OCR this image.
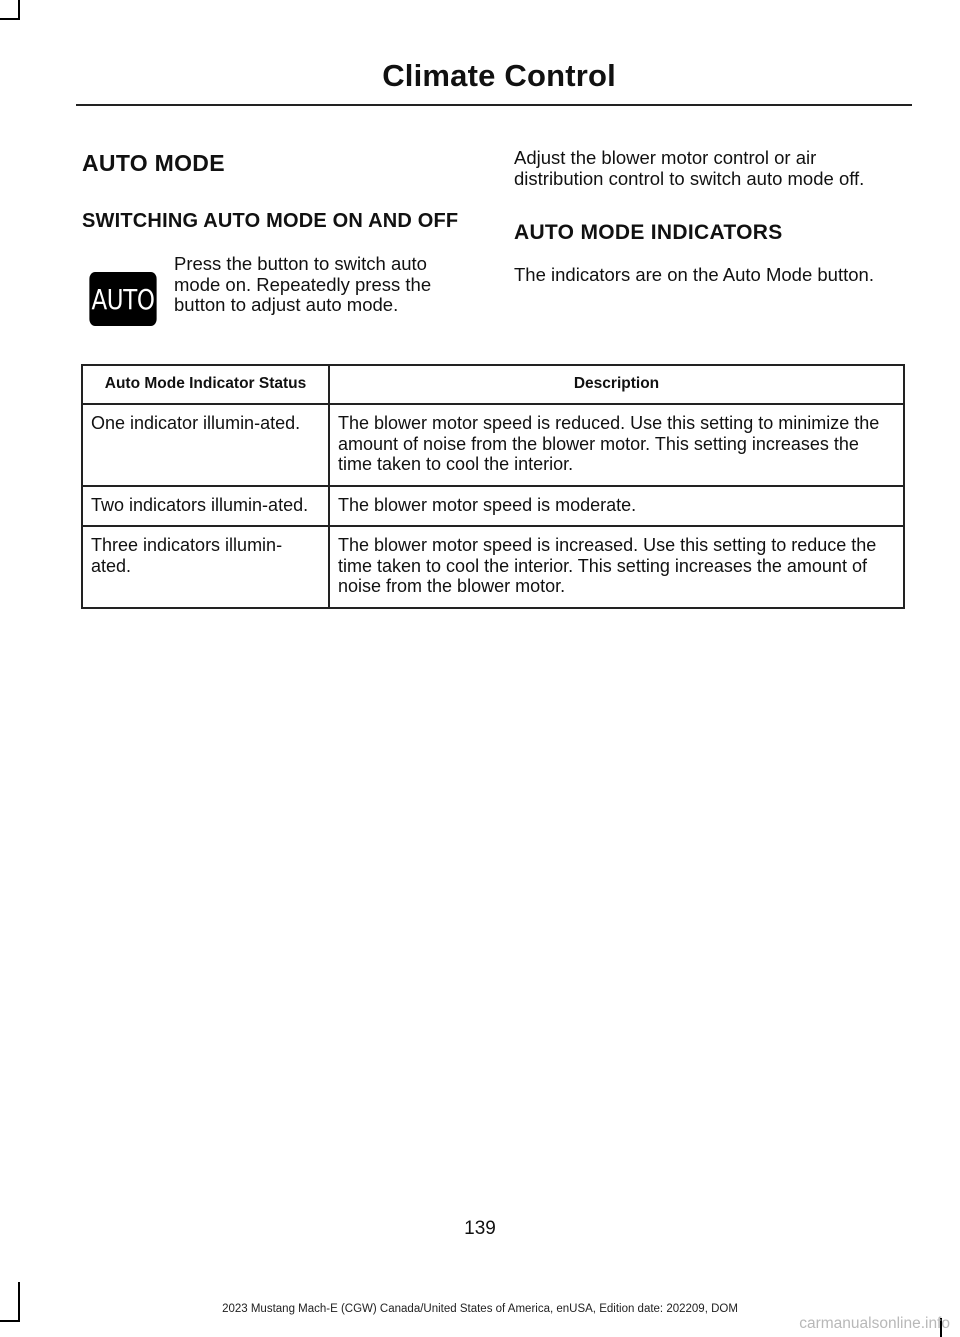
Climate Control
AUTO MODE
SWITCHING AUTO MODE ON AND OFF

Press the button to switch auto mode on. Repeatedly press the button to adjust auto mode.

AUTO

Adjust the blower motor control or air distribution control to switch auto mode off.

AUTO MODE INDICATORS

The indicators are on the Auto Mode button.

Auto Mode Indicator Status	Description
One indicator illumin-ated.	The blower motor speed is reduced. Use this setting to minimize the amount of noise from the blower motor. This setting increases the time taken to cool the interior.
Two indicators illumin-ated.	The blower motor speed is moderate.
Three indicators illumin-ated.	The blower motor speed is increased. Use this setting to reduce the time taken to cool the interior. This setting increases the amount of noise from the blower motor.
139
2023 Mustang Mach-E (CGW) Canada/United States of America, enUSA, Edition date: 202209, DOM
carmanualsonline.info
